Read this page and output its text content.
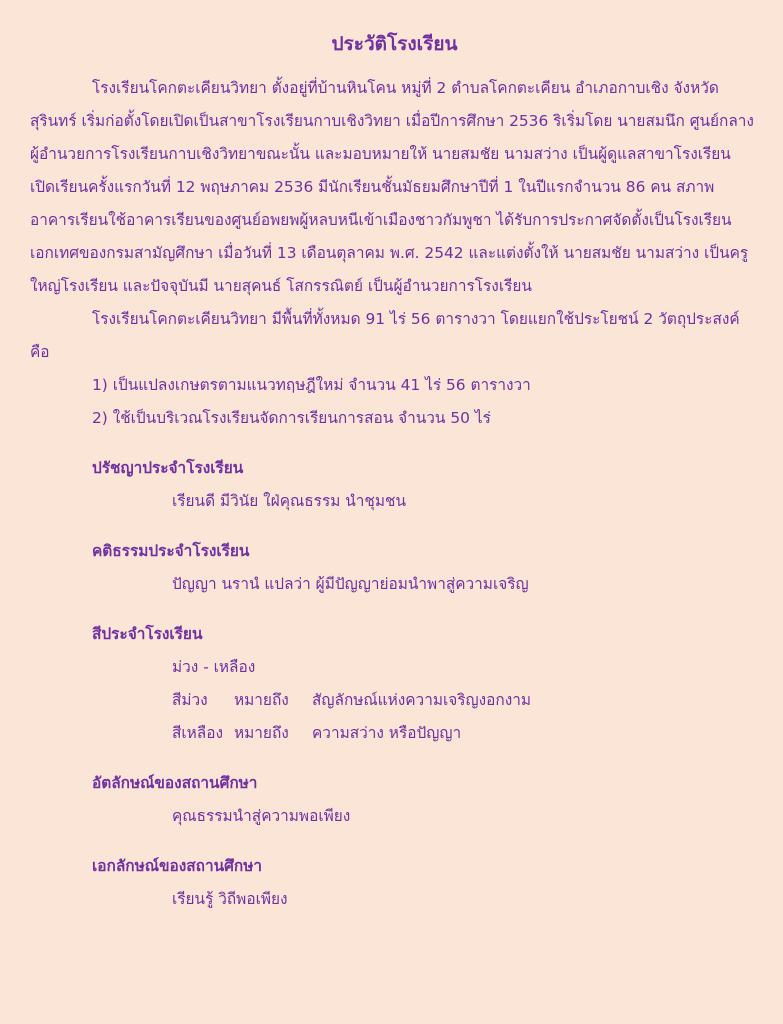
ประวัติโรงเรียน

โรงเรียนโคกตะเคียนวิทยา ตั้งอยู่ที่บ้านหินโคน หมู่ที่ 2 ตำบลโคกตะเคียน อำเภอกาบเชิง จังหวัดสุรินทร์ เริ่มก่อตั้งโดยเปิดเป็นสาขาโรงเรียนกาบเชิงวิทยา เมื่อปีการศึกษา 2536 ริเริ่มโดย นายสมนึก ศูนย์กลาง ผู้อำนวยการโรงเรียนกาบเชิงวิทยาขณะนั้น และมอบหมายให้ นายสมชัย นามสว่าง เป็นผู้ดูแลสาขาโรงเรียน เปิดเรียนครั้งแรกวันที่ 12 พฤษภาคม 2536 มีนักเรียนชั้นมัธยมศึกษาปีที่ 1 ในปีแรกจำนวน 86 คน สภาพอาคารเรียนใช้อาคารเรียนของศูนย์อพยพผู้หลบหนีเข้าเมืองชาวกัมพูชา ได้รับการประกาศจัดตั้งเป็นโรงเรียนเอกเทศของกรมสามัญศึกษา เมื่อวันที่ 13 เดือนตุลาคม พ.ศ. 2542 และแต่งตั้งให้ นายสมชัย นามสว่าง เป็นครูใหญ่โรงเรียน และปัจจุบันมี นายสุคนธ์ โสกรรณิตย์ เป็นผู้อำนวยการโรงเรียน

โรงเรียนโคกตะเคียนวิทยา มีพื้นที่ทั้งหมด 91 ไร่ 56 ตารางวา โดยแยกใช้ประโยชน์ 2 วัตถุประสงค์ คือ

1) เป็นแปลงเกษตรตามแนวทฤษฎีใหม่ จำนวน 41 ไร่ 56 ตารางวา

2) ใช้เป็นบริเวณโรงเรียนจัดการเรียนการสอน จำนวน 50 ไร่

ปรัชญาประจำโรงเรียน

เรียนดี มีวินัย ใฝ่คุณธรรม นำชุมชน

คติธรรมประจำโรงเรียน

ปัญญา นรานํ แปลว่า ผู้มีปัญญาย่อมนำพาสู่ความเจริญ

สีประจำโรงเรียน

ม่วง - เหลือง

สีม่วง หมายถึง สัญลักษณ์แห่งความเจริญงอกงาม

สีเหลือง หมายถึง ความสว่าง หรือปัญญา

อัตลักษณ์ของสถานศึกษา

คุณธรรมนำสู่ความพอเพียง

เอกลักษณ์ของสถานศึกษา

เรียนรู้ วิถีพอเพียง
